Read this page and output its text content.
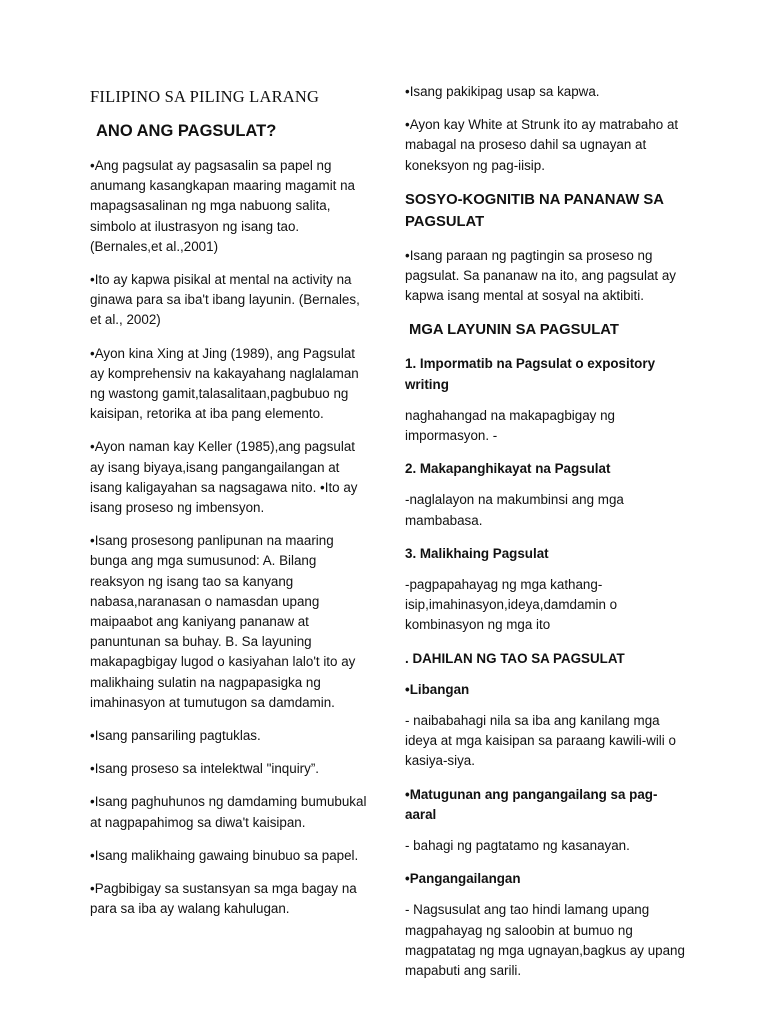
FILIPINO SA PILING LARANG
ANO ANG PAGSULAT?

•Ang pagsulat ay pagsasalin sa papel ng anumang kasangkapan maaring magamit na mapagsasalinan ng mga nabuong salita, simbolo at ilustrasyon ng isang tao. (Bernales,et al.,2001)

•Ito ay kapwa pisikal at mental na activity na ginawa para sa iba't ibang layunin. (Bernales, et al., 2002)

•Ayon kina Xing at Jing (1989), ang Pagsulat ay komprehensiv na kakayahang naglalaman ng wastong gamit,talasalitaan,pagbubuo ng kaisipan, retorika at iba pang elemento.

•Ayon naman kay Keller (1985),ang pagsulat ay isang biyaya,isang pangangailangan at isang kaligayahan sa nagsagawa nito. •Ito ay isang proseso ng imbensyon.

•Isang prosesong panlipunan na maaring bunga ang mga sumusunod: A. Bilang reaksyon ng isang tao sa kanyang nabasa,naranasan o namasdan upang maipaabot ang kaniyang pananaw at panuntunan sa buhay. B. Sa layuning makapagbigay lugod o kasiyahan lalo't ito ay malikhaing sulatin na nagpapasigka ng imahinasyon at tumutugon sa damdamin.

•Isang pansariling pagtuklas.

•Isang proseso sa intelektwal "inquiry”.

•Isang paghuhunos ng damdaming bumubukal at nagpapahimog sa diwa't kaisipan.

•Isang malikhaing gawaing binubuo sa papel.

•Pagbibigay sa sustansyan sa mga bagay na para sa iba ay walang kahulugan.

•Isang pakikipag usap sa kapwa.

•Ayon kay White at Strunk ito ay matrabaho at mabagal na proseso dahil sa ugnayan at koneksyon ng pag-iisip.

SOSYO-KOGNITIB NA PANANAW SA PAGSULAT

•Isang paraan ng pagtingin sa proseso ng pagsulat. Sa pananaw na ito, ang pagsulat ay kapwa isang mental at sosyal na aktibiti.

MGA LAYUNIN SA PAGSULAT

1. Impormatib na Pagsulat o expository writing

naghahangad na makapagbigay ng impormasyon. -

2. Makapanghikayat na Pagsulat

-naglalayon na makumbinsi ang mga mambabasa.

3. Malikhaing Pagsulat

-pagpapahayag ng mga kathang-isip,imahinasyon,ideya,damdamin o kombinasyon ng mga ito

. DAHILAN NG TAO SA PAGSULAT

•Libangan

- naibabahagi nila sa iba ang kanilang mga ideya at mga kaisipan sa paraang kawili-wili o kasiya-siya.

•Matugunan ang pangangailang sa pag-aaral

- bahagi ng pagtatamo ng kasanayan.

•Pangangailangan

- Nagsusulat ang tao hindi lamang upang magpahayag ng saloobin at bumuo ng magpatatag ng mga ugnayan,bagkus ay upang mapabuti ang sarili.
